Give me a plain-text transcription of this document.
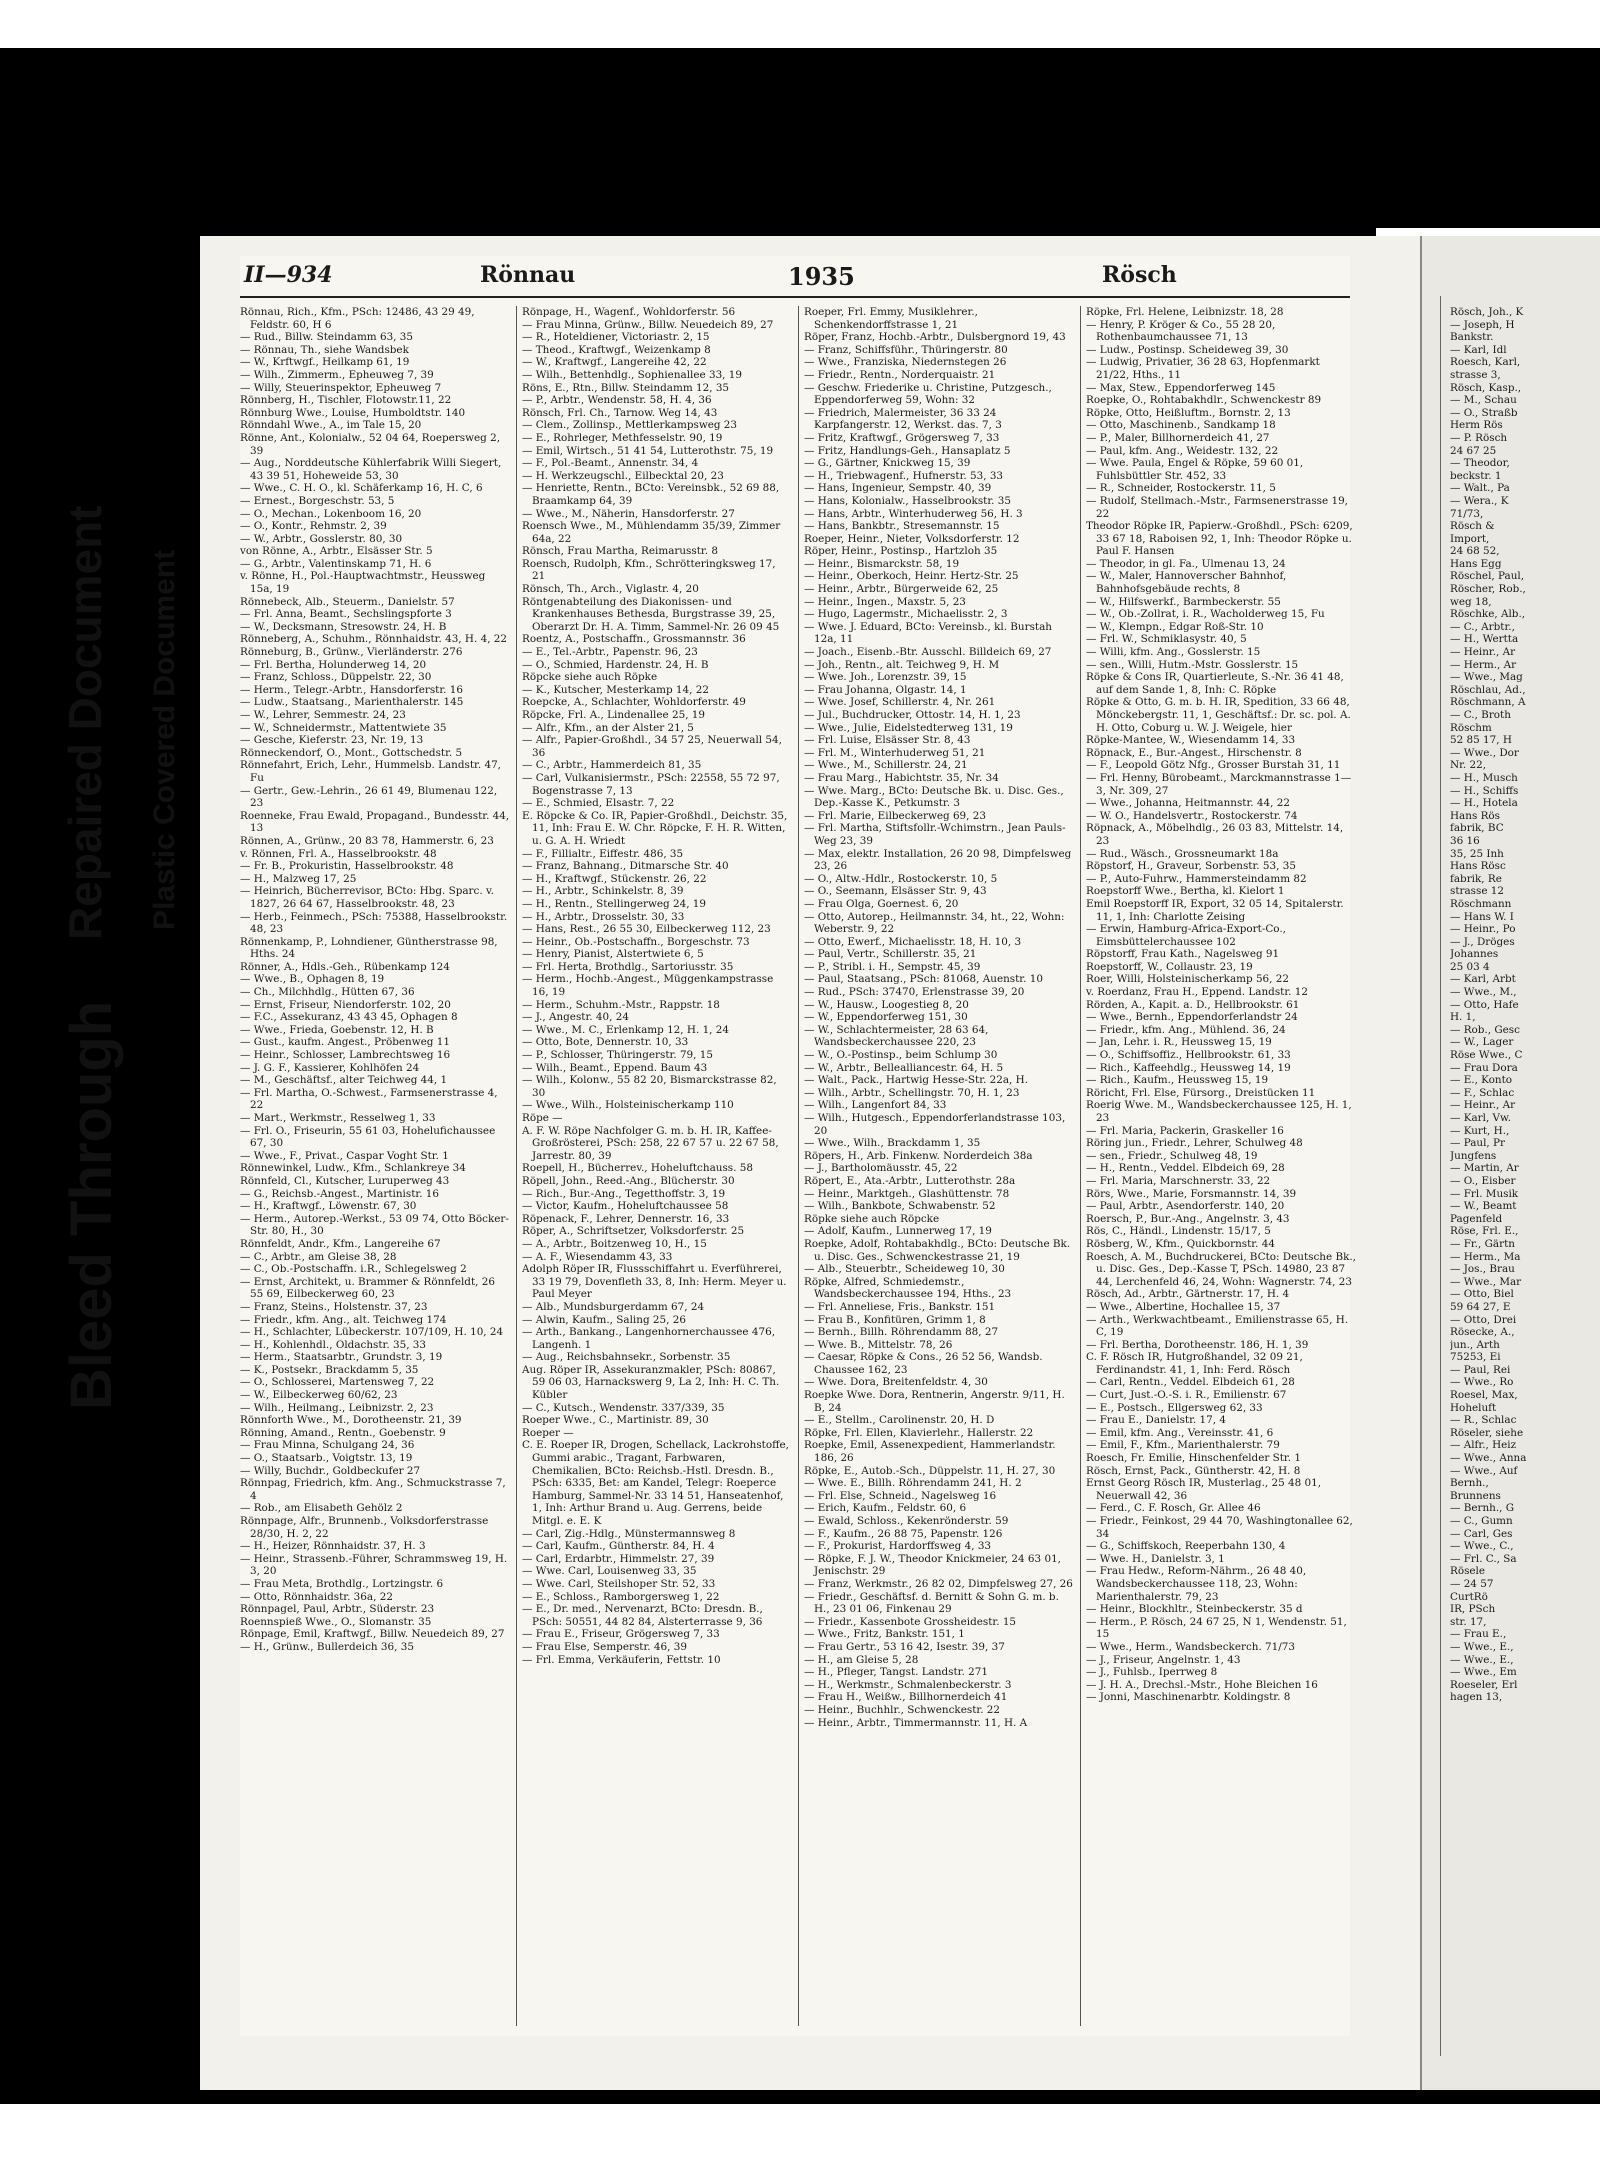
Bleed Through
Repaired Document Plastic Covered Document
II—934	Rönnau	1935	Rösch

Rönnau, Rich., Kfm., PSch: 12486, 43 29 49, Feldstr. 60, H 6

— Rud., Billw. Steindamm 63, 35

— Rönnau, Th., siehe Wandsbek

— W., Krftwgf., Heilkamp 61, 19

— Wilh., Zimmerm., Epheuweg 7, 39

— Willy, Steuerinspektor, Epheuweg 7

Rönnberg, H., Tischler, Flotowstr.11, 22

Rönnburg Wwe., Louise, Humboldtstr. 140

Rönndahl Wwe., A., im Tale 15, 20

Rönne, Ant., Kolonialw., 52 04 64, Roepersweg 2, 39

— Aug., Norddeutsche Kühlerfabrik Willi Siegert, 43 39 51, Hoheweide 53, 30

— Wwe., C. H. O., kl. Schäferkamp 16, H. C, 6

— Ernest., Borgeschstr. 53, 5

— O., Mechan., Lokenboom 16, 20

— O., Kontr., Rehmstr. 2, 39

— W., Arbtr., Gosslerstr. 80, 30

von Rönne, A., Arbtr., Elsässer Str. 5

— G., Arbtr., Valentinskamp 71, H. 6

v. Rönne, H., Pol.-Hauptwachtmstr., Heussweg 15a, 19

Rönnebeck, Alb., Steuerm., Danielstr. 57

— Frl. Anna, Beamt., Sechslingspforte 3

— W., Decksmann, Stresowstr. 24, H. B

Rönneberg, A., Schuhm., Rönnhaidstr. 43, H. 4, 22

Rönneburg, B., Grünw., Vierländerstr. 276

— Frl. Bertha, Holunderweg 14, 20

— Franz, Schloss., Düppelstr. 22, 30

— Herm., Telegr.-Arbtr., Hansdorferstr. 16

— Ludw., Staatsang., Marienthalerstr. 145

— W., Lehrer, Semmestr. 24, 23

— W., Schneidermstr., Mattentwiete 35

— Gesche, Kieferstr. 23, Nr. 19, 13

Rönneckendorf, O., Mont., Gottschedstr. 5

Rönnefahrt, Erich, Lehr., Hummelsb. Landstr. 47, Fu

— Gertr., Gew.-Lehrin., 26 61 49, Blumenau 122, 23

Roenneke, Frau Ewald, Propagand., Bundesstr. 44, 13

Rönnen, A., Grünw., 20 83 78, Hammerstr. 6, 23

v. Rönnen, Frl. A., Hasselbrookstr. 48

— Fr. B., Prokuristin, Hasselbrookstr. 48

— H., Malzweg 17, 25

— Heinrich, Bücherrevisor, BCto: Hbg. Sparc. v. 1827, 26 64 67, Hasselbrookstr. 48, 23

— Herb., Feinmech., PSch: 75388, Hasselbrookstr. 48, 23

Rönnenkamp, P., Lohndiener, Güntherstrasse 98, Hths. 24

Rönner, A., Hdls.-Geh., Rübenkamp 124

— Wwe., B., Ophagen 8, 19

— Ch., Milchhdlg., Hütten 67, 36

— Ernst, Friseur, Niendorferstr. 102, 20

— F.C., Assekuranz, 43 43 45, Ophagen 8

— Wwe., Frieda, Goebenstr. 12, H. B

— Gust., kaufm. Angest., Pröbenweg 11

— Heinr., Schlosser, Lambrechtsweg 16

— J. G. F., Kassierer, Kohlhöfen 24

— M., Geschäftsf., alter Teichweg 44, 1

— Frl. Martha, O.-Schwest., Farmsenerstrasse 4, 22

— Mart., Werkmstr., Resselweg 1, 33

— Frl. O., Friseurin, 55 61 03, Hohelufichaussee 67, 30

— Wwe., F., Privat., Caspar Voght Str. 1

Rönnewinkel, Ludw., Kfm., Schlankreye 34

Rönnfeld, Cl., Kutscher, Luruperweg 43

— G., Reichsb.-Angest., Martinistr. 16

— H., Kraftwgf., Löwenstr. 67, 30

— Herm., Autorep.-Werkst., 53 09 74, Otto Böcker-Str. 80, H., 30

Rönnfeldt, Andr., Kfm., Langereihe 67

— C., Arbtr., am Gleise 38, 28

— C., Ob.-Postschaffn. i.R., Schlegelsweg 2

— Ernst, Architekt, u. Brammer & Rönnfeldt, 26 55 69, Eilbeckerweg 60, 23

— Franz, Steins., Holstenstr. 37, 23

— Friedr., kfm. Ang., alt. Teichweg 174

— H., Schlachter, Lübeckerstr. 107/109, H. 10, 24

— H., Kohlenhdl., Oldachstr. 35, 33

— Herm., Staatsarbtr., Grundstr. 3, 19

— K., Postsekr., Brackdamm 5, 35

— O., Schlosserei, Martensweg 7, 22

— W., Eilbeckerweg 60/62, 23

— Wilh., Heilmang., Leibnizstr. 2, 23

Rönnforth Wwe., M., Dorotheenstr. 21, 39

Rönning, Amand., Rentn., Goebenstr. 9

— Frau Minna, Schulgang 24, 36

— O., Staatsarb., Voigtstr. 13, 19

— Willy, Buchdr., Goldbeckufer 27

Rönnpag, Friedrich, kfm. Ang., Schmuckstrasse 7, 4

— Rob., am Elisabeth Gehölz 2

Rönnpage, Alfr., Brunnenb., Volksdorferstrasse 28/30, H. 2, 22

— H., Heizer, Rönnhaidstr. 37, H. 3

— Heinr., Strassenb.-Führer, Schrammsweg 19, H. 3, 20

— Frau Meta, Brothdlg., Lortzingstr. 6

— Otto, Rönnhaidstr. 36a, 22

Rönnpagel, Paul, Arbtr., Süderstr. 23

Roennspieß Wwe., O., Slomanstr. 35

Rönpage, Emil, Kraftwgf., Billw. Neuedeich 89, 27

— H., Grünw., Bullerdeich 36, 35

Rönpage, H., Wagenf., Wohldorferstr. 56

— Frau Minna, Grünw., Billw. Neuedeich 89, 27

— R., Hoteldiener, Victoriastr. 2, 15

— Theod., Kraftwgf., Weizenkamp 8

— W., Kraftwgf., Langereihe 42, 22

— Wilh., Bettenhdlg., Sophienallee 33, 19

Röns, E., Rtn., Billw. Steindamm 12, 35

— P., Arbtr., Wendenstr. 58, H. 4, 36

Rönsch, Frl. Ch., Tarnow. Weg 14, 43

— Clem., Zollinsp., Mettlerkampsweg 23

— E., Rohrleger, Methfesselstr. 90, 19

— Emil, Wirtsch., 51 41 54, Lutterothstr. 75, 19

— F., Pol.-Beamt., Annenstr. 34, 4

— H. Werkzeugschl., Eilbecktal 20, 23

— Henriette, Rentn., BCto: Vereinsbk., 52 69 88, Braamkamp 64, 39

— Wwe., M., Näherin, Hansdorferstr. 27

Roensch Wwe., M., Mühlendamm 35/39, Zimmer 64a, 22

Rönsch, Frau Martha, Reimarusstr. 8

Roensch, Rudolph, Kfm., Schrötteringksweg 17, 21

Rönsch, Th., Arch., Viglastr. 4, 20

Röntgenabteilung des Diakonissen- und Krankenhauses Bethesda, Burgstrasse 39, 25, Oberarzt Dr. H. A. Timm, Sammel-Nr. 26 09 45

Roentz, A., Postschaffn., Grossmannstr. 36

— E., Tel.-Arbtr., Papenstr. 96, 23

— O., Schmied, Hardenstr. 24, H. B

Röpcke siehe auch Röpke

— K., Kutscher, Mesterkamp 14, 22

Roepcke, A., Schlachter, Wohldorferstr. 49

Röpcke, Frl. A., Lindenallee 25, 19

— Alfr., Kfm., an der Alster 21, 5

— Alfr., Papier-Großhdl., 34 57 25, Neuerwall 54, 36

— C., Arbtr., Hammerdeich 81, 35

— Carl, Vulkanisiermstr., PSch: 22558, 55 72 97, Bogenstrasse 7, 13

— E., Schmied, Elsastr. 7, 22

E. Röpcke & Co. IR, Papier-Großhdl., Deichstr. 35, 11, Inh: Frau E. W. Chr. Röpcke, F. H. R. Witten, u. G. A. H. Wriedt

— F., Fillialtr., Eiffestr. 486, 35

— Franz, Bahnang., Ditmarsche Str. 40

— H., Kraftwgf., Stückenstr. 26, 22

— H., Arbtr., Schinkelstr. 8, 39

— H., Rentn., Stellingerweg 24, 19

— H., Arbtr., Drosselstr. 30, 33

— Hans, Rest., 26 55 30, Eilbeckerweg 112, 23

— Heinr., Ob.-Postschaffn., Borgeschstr. 73

— Henry, Pianist, Alstertwiete 6, 5

— Frl. Herta, Brothdlg., Sartoriusstr. 35

— Herm., Hochb.-Angest., Müggenkampstrasse 16, 19

— Herm., Schuhm.-Mstr., Rappstr. 18

— J., Angestr. 40, 24

— Wwe., M. C., Erlenkamp 12, H. 1, 24

— Otto, Bote, Dennerstr. 10, 33

— P., Schlosser, Thüringerstr. 79, 15

— Wilh., Beamt., Eppend. Baum 43

— Wilh., Kolonw., 55 82 20, Bismarckstrasse 82, 30

— Wwe., Wilh., Holsteinischerkamp 110

Röpe —

A. F. W. Röpe Nachfolger G. m. b. H. IR, Kaffee-Großrösterei, PSch: 258, 22 67 57 u. 22 67 58, Jarrestr. 80, 39

Roepell, H., Bücherrev., Hoheluftchauss. 58

Röpell, John., Reed.-Ang., Blücherstr. 30

— Rich., Bur.-Ang., Tegetthoffstr. 3, 19

— Victor, Kaufm., Hoheluftchaussee 58

Röpenack, F., Lehrer, Dennerstr. 16, 33

Röper, A., Schriftsetzer, Volksdorferstr. 25

— A., Arbtr., Boitzenweg 10, H., 15

— A. F., Wiesendamm 43, 33

Adolph Röper IR, Flussschiffahrt u. Everführerei, 33 19 79, Dovenfleth 33, 8, Inh: Herm. Meyer u. Paul Meyer

— Alb., Mundsburgerdamm 67, 24

— Alwin, Kaufm., Saling 25, 26

— Arth., Bankang., Langenhornerchaussee 476, Langenh. 1

— Aug., Reichsbahnsekr., Sorbenstr. 35

Aug. Röper IR, Assekuranzmakler, PSch: 80867, 59 06 03, Harnackswerg 9, La 2, Inh: H. C. Th. Kübler

— C., Kutsch., Wendenstr. 337/339, 35

Roeper Wwe., C., Martinistr. 89, 30

Roeper —

C. E. Roeper IR, Drogen, Schellack, Lackrohstoffe, Gummi arabic., Tragant, Farbwaren, Chemikalien, BCto: Reichsb.-Hstl. Dresdn. B., PSch: 6335, Bet: am Kandel, Telegr: Roeperce Hamburg, Sammel-Nr. 33 14 51, Hanseatenhof, 1, Inh: Arthur Brand u. Aug. Gerrens, beide Mitgl. e. E. K

— Carl, Zig.-Hdlg., Münstermannsweg 8

— Carl, Kaufm., Güntherstr. 84, H. 4

— Carl, Erdarbtr., Himmelstr. 27, 39

— Wwe. Carl, Louisenweg 33, 35

— Wwe. Carl, Steilshoper Str. 52, 33

— E., Schloss., Ramborgersweg 1, 22

— E., Dr. med., Nervenarzt, BCto: Dresdn. B., PSch: 50551, 44 82 84, Alsterterrasse 9, 36

— Frau E., Friseur, Grögersweg 7, 33

— Frau Else, Semperstr. 46, 39

— Frl. Emma, Verkäuferin, Fettstr. 10

Roeper, Frl. Emmy, Musiklehrer., Schenkendorffstrasse 1, 21

Röper, Franz, Hochb.-Arbtr., Dulsbergnord 19, 43

— Franz, Schiffsführ., Thüringerstr. 80

— Wwe., Franziska, Niedernstegen 26

— Friedr., Rentn., Norderquaistr. 21

— Geschw. Friederike u. Christine, Putzgesch., Eppendorferweg 59, Wohn: 32

— Friedrich, Malermeister, 36 33 24 Karpfangerstr. 12, Werkst. das. 7, 3

— Fritz, Kraftwgf., Grögersweg 7, 33

— Fritz, Handlungs-Geh., Hansaplatz 5

— G., Gärtner, Knickweg 15, 39

— H., Triebwagenf., Hufnerstr. 53, 33

— Hans, Ingenieur, Sempstr. 40, 39

— Hans, Kolonialw., Hasselbrookstr. 35

— Hans, Arbtr., Winterhuderweg 56, H. 3

— Hans, Bankbtr., Stresemannstr. 15

Roeper, Heinr., Nieter, Volksdorferstr. 12

Röper, Heinr., Postinsp., Hartzloh 35

— Heinr., Bismarckstr. 58, 19

— Heinr., Oberkoch, Heinr. Hertz-Str. 25

— Heinr., Arbtr., Bürgerweide 62, 25

— Heinr., Ingen., Maxstr. 5, 23

— Hugo, Lagermstr., Michaelisstr. 2, 3

— Wwe. J. Eduard, BCto: Vereinsb., kl. Burstah 12a, 11

— Joach., Eisenb.-Btr. Ausschl. Billdeich 69, 27

— Joh., Rentn., alt. Teichweg 9, H. M

— Wwe. Joh., Lorenzstr. 39, 15

— Frau Johanna, Olgastr. 14, 1

— Wwe. Josef, Schillerstr. 4, Nr. 261

— Jul., Buchdrucker, Ottostr. 14, H. 1, 23

— Wwe., Julie, Eidelstedterweg 131, 19

— Frl. Luise, Elsässer Str. 8, 43

— Frl. M., Winterhuderweg 51, 21

— Wwe., M., Schillerstr. 24, 21

— Frau Marg., Habichtstr. 35, Nr. 34

— Wwe. Marg., BCto: Deutsche Bk. u. Disc. Ges., Dep.-Kasse K., Petkumstr. 3

— Frl. Marie, Eilbeckerweg 69, 23

— Frl. Martha, Stiftsfollr.-Wchimstrn., Jean Pauls-Weg 23, 39

— Max, elektr. Installation, 26 20 98, Dimpfelsweg 23, 26

— O., Altw.-Hdlr., Rostockerstr. 10, 5

— O., Seemann, Elsässer Str. 9, 43

— Frau Olga, Goernest. 6, 20

— Otto, Autorep., Heilmannstr. 34, ht., 22, Wohn: Weberstr. 9, 22

— Otto, Ewerf., Michaelisstr. 18, H. 10, 3

— Paul, Vertr., Schillerstr. 35, 21

— P., Stribl. i. H., Sempstr. 45, 39

— Paul, Staatsang., PSch: 81068, Auenstr. 10

— Rud., PSch: 37470, Erlenstrasse 39, 20

— W., Hausw., Loogestieg 8, 20

— W., Eppendorferweg 151, 30

— W., Schlachtermeister, 28 63 64, Wandsbeckerchaussee 220, 23

— W., O.-Postinsp., beim Schlump 30

— W., Arbtr., Bellealliancestr. 64, H. 5

— Walt., Pack., Hartwig Hesse-Str. 22a, H.

— Wilh., Arbtr., Schellingstr. 70, H. 1, 23

— Wilh., Langenfort 84, 33

— Wilh., Hutgesch., Eppendorferlandstrasse 103, 20

— Wwe., Wilh., Brackdamm 1, 35

Röpers, H., Arb. Finkenw. Norderdeich 38a

— J., Bartholomäusstr. 45, 22

Röpert, E., Ata.-Arbtr., Lutterothstr. 28a

— Heinr., Marktgeh., Glashüttenstr. 78

— Wilh., Bankbote, Schwabenstr. 52

Röpke siehe auch Röpcke

— Adolf, Kaufm., Lunnerweg 17, 19

Roepke, Adolf, Rohtabakhdlg., BCto: Deutsche Bk. u. Disc. Ges., Schwenckestrasse 21, 19

— Alb., Steuerbtr., Scheideweg 10, 30

Röpke, Alfred, Schmiedemstr., Wandsbeckerchaussee 194, Hths., 23

— Frl. Anneliese, Fris., Bankstr. 151

— Frau B., Konfitüren, Grimm 1, 8

— Bernh., Billh. Röhrendamm 88, 27

— Wwe. B., Mittelstr. 78, 26

— Caesar, Röpke & Cons., 26 52 56, Wandsb. Chaussee 162, 23

— Wwe. Dora, Breitenfeldstr. 4, 30

Roepke Wwe. Dora, Rentnerin, Angerstr. 9/11, H. B, 24

— E., Stellm., Carolinenstr. 20, H. D

Röpke, Frl. Ellen, Klavierlehr., Hallerstr. 22

Roepke, Emil, Assenexpedient, Hammerlandstr. 186, 26

Röpke, E., Autob.-Sch., Düppelstr. 11, H. 27, 30

— Wwe. E., Billh. Röhrendamm 241, H. 2

— Frl. Else, Schneid., Nagelsweg 16

— Erich, Kaufm., Feldstr. 60, 6

— Ewald, Schloss., Kekenrönderstr. 59

— F., Kaufm., 26 88 75, Papenstr. 126

— F., Prokurist, Hardorffsweg 4, 33

— Röpke, F. J. W., Theodor Knickmeier, 24 63 01, Jenischstr. 29

— Franz, Werkmstr., 26 82 02, Dimpfelsweg 27, 26

— Friedr., Geschäftsf. d. Bernitt & Sohn G. m. b. H., 23 01 06, Finkenau 29

— Friedr., Kassenbote Grossheidestr. 15

— Wwe., Fritz, Bankstr. 151, 1

— Frau Gertr., 53 16 42, Isestr. 39, 37

— H., am Gleise 5, 28

— H., Pfleger, Tangst. Landstr. 271

— H., Werkmstr., Schmalenbeckerstr. 3

— Frau H., Weißw., Billhornerdeich 41

— Heinr., Buchhlr., Schwenckestr. 22

— Heinr., Arbtr., Timmermannstr. 11, H. A

Röpke, Frl. Helene, Leibnizstr. 18, 28

— Henry, P. Kröger & Co., 55 28 20, Rothenbaumchaussee 71, 13

— Ludw., Postinsp. Scheideweg 39, 30

— Ludwig, Privatier, 36 28 63, Hopfenmarkt 21/22, Hths., 11

— Max, Stew., Eppendorferweg 145

Roepke, O., Rohtabakhdlr., Schwenckestr 89

Röpke, Otto, Heißluftm., Bornstr. 2, 13

— Otto, Maschinenb., Sandkamp 18

— P., Maler, Billhornerdeich 41, 27

— Paul, kfm. Ang., Weidestr. 132, 22

— Wwe. Paula, Engel & Röpke, 59 60 01, Fuhlsbüttler Str. 452, 33

— R., Schneider, Rostockerstr. 11, 5

— Rudolf, Stellmach.-Mstr., Farmsenerstrasse 19, 22

Theodor Röpke IR, Papierw.-Großhdl., PSch: 6209, 33 67 18, Raboisen 92, 1, Inh: Theodor Röpke u. Paul F. Hansen

— Theodor, in gl. Fa., Ulmenau 13, 24

— W., Maler, Hannoverscher Bahnhof, Bahnhofsgebäude rechts, 8

— W., Hilfswerkf., Barmbeckerstr. 55

— W., Ob.-Zollrat, i. R., Wacholderweg 15, Fu

— W., Klempn., Edgar Roß-Str. 10

— Frl. W., Schmiklasystr. 40, 5

— Willi, kfm. Ang., Gosslerstr. 15

— sen., Willi, Hutm.-Mstr. Gosslerstr. 15

Röpke & Cons IR, Quartierleute, S.-Nr. 36 41 48, auf dem Sande 1, 8, Inh: C. Röpke

Röpke & Otto, G. m. b. H. IR, Spedition, 33 66 48, Mönckebergstr. 11, 1, Geschäftsf.: Dr. sc. pol. A. H. Otto, Coburg u. W. J. Weigele, hier

Röpke-Mantee, W., Wiesendamm 14, 33

Röpnack, E., Bur.-Angest., Hirschenstr. 8

— F., Leopold Götz Nfg., Grosser Burstah 31, 11

— Frl. Henny, Bürobeamt., Marckmannstrasse 1—3, Nr. 309, 27

— Wwe., Johanna, Heitmannstr. 44, 22

— W. O., Handelsvertr., Rostockerstr. 74

Röpnack, A., Möbelhdlg., 26 03 83, Mittelstr. 14, 23

— Rud., Wäsch., Grossneumarkt 18a

Röpstorf, H., Graveur, Sorbenstr. 53, 35

— P., Auto-Fuhrw., Hammersteindamm 82

Roepstorff Wwe., Bertha, kl. Kielort 1

Emil Roepstorff IR, Export, 32 05 14, Spitalerstr. 11, 1, Inh: Charlotte Zeising

— Erwin, Hamburg-Africa-Export-Co., Eimsbüttelerchaussee 102

Röpstorff, Frau Kath., Nagelsweg 91

Roepstorff, W., Collaustr. 23, 19

Roer, Willi, Holsteinischerkamp 56, 22

v. Roerdanz, Frau H., Eppend. Landstr. 12

Rörden, A., Kapit. a. D., Hellbrookstr. 61

— Wwe., Bernh., Eppendorferlandstr 24

— Friedr., kfm. Ang., Mühlend. 36, 24

— Jan, Lehr. i. R., Heussweg 15, 19

— O., Schiffsoffiz., Hellbrookstr. 61, 33

— Rich., Kaffeehdlg., Heussweg 14, 19

— Rich., Kaufm., Heussweg 15, 19

Röricht, Frl. Else, Fürsorg., Dreistücken 11

Roerig Wwe. M., Wandsbeckerchaussee 125, H. 1, 23

— Frl. Maria, Packerin, Graskeller 16

Röring jun., Friedr., Lehrer, Schulweg 48

— sen., Friedr., Schulweg 48, 19

— H., Rentn., Veddel. Elbdeich 69, 28

— Frl. Maria, Marschnerstr. 33, 22

Rörs, Wwe., Marie, Forsmannstr. 14, 39

— Paul, Arbtr., Asendorferstr. 140, 20

Roersch, P., Bur.-Ang., Angelnstr. 3, 43

Rös, C., Händl., Lindenstr. 15/17, 5

Rösberg, W., Kfm., Quickbornstr. 44

Roesch, A. M., Buchdruckerei, BCto: Deutsche Bk., u. Disc. Ges., Dep.-Kasse T, PSch. 14980, 23 87 44, Lerchenfeld 46, 24, Wohn: Wagnerstr. 74, 23

Rösch, Ad., Arbtr., Gärtnerstr. 17, H. 4

— Wwe., Albertine, Hochallee 15, 37

— Arth., Werkwachtbeamt., Emilienstrasse 65, H. C, 19

— Frl. Bertha, Dorotheenstr. 186, H. 1, 39

C. F. Rösch IR, Hutgroßhandel, 32 09 21, Ferdinandstr. 41, 1, Inh: Ferd. Rösch

— Carl, Rentn., Veddel. Elbdeich 61, 28

— Curt, Just.-O.-S. i. R., Emilienstr. 67

— E., Postsch., Ellgersweg 62, 33

— Frau E., Danielstr. 17, 4

— Emil, kfm. Ang., Vereinsstr. 41, 6

— Emil, F., Kfm., Marienthalerstr. 79

Roesch, Fr. Emilie, Hinschenfelder Str. 1

Rösch, Ernst, Pack., Güntherstr. 42, H. 8

Ernst Georg Rösch IR, Musterlag., 25 48 01, Neuerwall 42, 36

— Ferd., C. F. Rosch, Gr. Allee 46

— Friedr., Feinkost, 29 44 70, Washingtonallee 62, 34

— G., Schiffskoch, Reeperbahn 130, 4

— Wwe. H., Danielstr. 3, 1

— Frau Hedw., Reform-Nährm., 26 48 40, Wandsbeckerchaussee 118, 23, Wohn: Marienthalerstr. 79, 23

— Heinr., Blockhltr., Steinbeckerstr. 35 d

— Herm., P. Rösch, 24 67 25, N 1, Wendenstr. 51, 15

— Wwe., Herm., Wandsbeckerch. 71/73

— J., Friseur, Angelnstr. 1, 43

— J., Fuhlsb., Iperrweg 8

— J. H. A., Drechsl.-Mstr., Hohe Bleichen 16

— Jonni, Maschinenarbtr. Koldingstr. 8

Rösch, Joh., K
— Joseph, H
Bankstr.
— Karl, Idl
Roesch, Karl,
strasse 3,
Rösch, Kasp.,
— M., Schau
— O., Straßb
Herm Rös
— P. Rösch
24 67 25
— Theodor,
beckstr. 1
— Walt., Pa
— Wera., K
71/73,
Rösch &
Import,
24 68 52,
Hans Egg
Röschel, Paul,
Röscher, Rob.,
weg 18,
Röschke, Alb.,
— C., Arbtr.,
— H., Wertta
— Heinr., Ar
— Herm., Ar
— Wwe., Mag
Röschlau, Ad.,
Röschmann, A
— C., Broth
Röschm
52 85 17, H
— Wwe., Dor
Nr. 22,
— H., Musch
— H., Schiffs
— H., Hotela
Hans Rös
fabrik, BC
36 16
35, 25 Inh
Hans Rösc
fabrik, Re
strasse 12
Röschmann
— Hans W. I
— Heinr., Po
— J., Dröges
Johannes
25 03 4
— Karl, Arbt
— Wwe., M.,
— Otto, Hafe
H. 1,
— Rob., Gesc
— W., Lager
Röse Wwe., C
— Frau Dora
— E., Konto
— F., Schlac
— Heinr., Ar
— Karl, Vw.
— Kurt, H.,
— Paul, Pr
Jungfens
— Martin, Ar
— O., Eisber
— Frl. Musik
— W., Beamt
Pagenfeld
Röse, Frl. E.,
— Fr., Gärtn
— Herm., Ma
— Jos., Brau
— Wwe., Mar
— Otto, Biel
59 64 27, E
— Otto, Drei
Rösecke, A.,
jun., Arth
75253, Ei
— Paul, Rei
— Wwe., Ro
Roesel, Max,
Hoheluft
— R., Schlac
Röseler, siehe
— Alfr., Heiz
— Wwe., Anna
— Wwe., Auf
Bernh.,
Brunnens
— Bernh., G
— C., Gumn
— Carl, Ges
— Wwe., C.,
— Frl. C., Sa
Rösele
— 24 57
CurtRö
IR, PSch
str. 17,
— Frau E.,
— Wwe., E.,
— Wwe., E.,
— Wwe., Em
Roeseler, Erl
hagen 13,
